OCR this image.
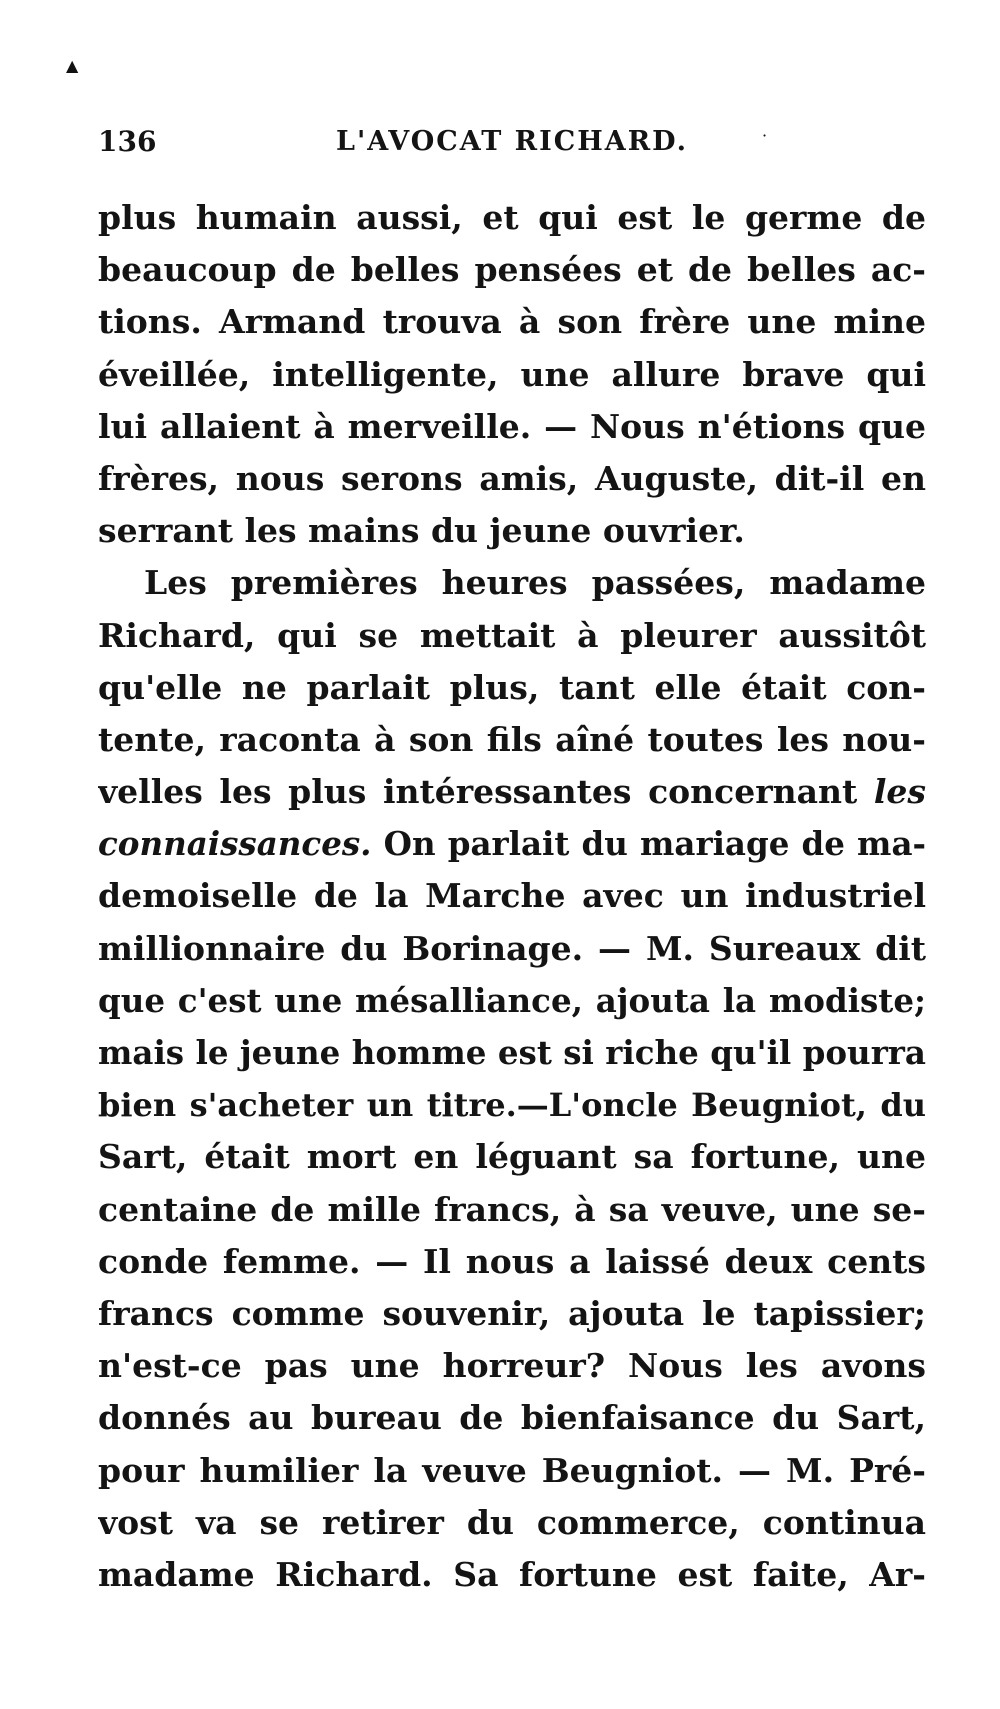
▲
·
136	L'AVOCAT RICHARD.
plus humain aussi, et qui est le germe de
beaucoup de belles pensées et de belles ac-
tions. Armand trouva à son frère une mine
éveillée, intelligente, une allure brave qui
lui allaient à merveille. — Nous n'étions que
frères, nous serons amis, Auguste, dit-il en
serrant les mains du jeune ouvrier.
Les premières heures passées, madame
Richard, qui se mettait à pleurer aussitôt
qu'elle ne parlait plus, tant elle était con-
tente, raconta à son fils aîné toutes les nou-
velles les plus intéressantes concernant les
connaissances. On parlait du mariage de ma-
demoiselle de la Marche avec un industriel
millionnaire du Borinage. — M. Sureaux dit
que c'est une mésalliance, ajouta la modiste;
mais le jeune homme est si riche qu'il pourra
bien s'acheter un titre.—L'oncle Beugniot, du
Sart, était mort en léguant sa fortune, une
centaine de mille francs, à sa veuve, une se-
conde femme. — Il nous a laissé deux cents
francs comme souvenir, ajouta le tapissier;
n'est-ce pas une horreur? Nous les avons
donnés au bureau de bienfaisance du Sart,
pour humilier la veuve Beugniot. — M. Pré-
vost va se retirer du commerce, continua
madame Richard. Sa fortune est faite, Ar-
